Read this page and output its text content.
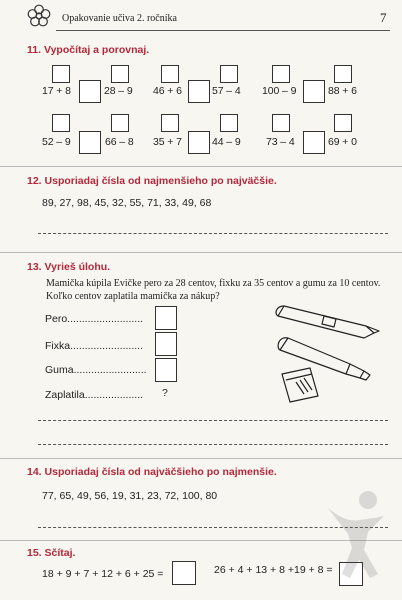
Opakovanie učiva 2. ročníka	7
11. Vypočítaj a porovnaj.
17 + 8	28 – 9 46 + 6	57 – 4 100 – 9	88 + 6
52 – 9	66 – 8 35 + 7	44 – 9 73 – 4	69 + 0
12. Usporiadaj čísla od najmenšieho po najväčšie.
89, 27, 98, 45, 32, 55, 71, 33, 49, 68
13. Vyrieš úlohu.
Mamička kúpila Evičke pero za 28 centov, fixku za 35 centov a gumu za 10 centov.
Koľko centov zaplatila mamička za nákup?
Pero..........................
Fixka.........................
Guma.........................
Zaplatila.................... ?
14. Usporiadaj čísla od najväčšieho po najmenšie.
77, 65, 49, 56, 19, 31, 23, 72, 100, 80
15. Sčítaj.
18 + 9 + 7 + 12 + 6 + 25 =	26 + 4 + 13 + 8 +19 + 8 =
